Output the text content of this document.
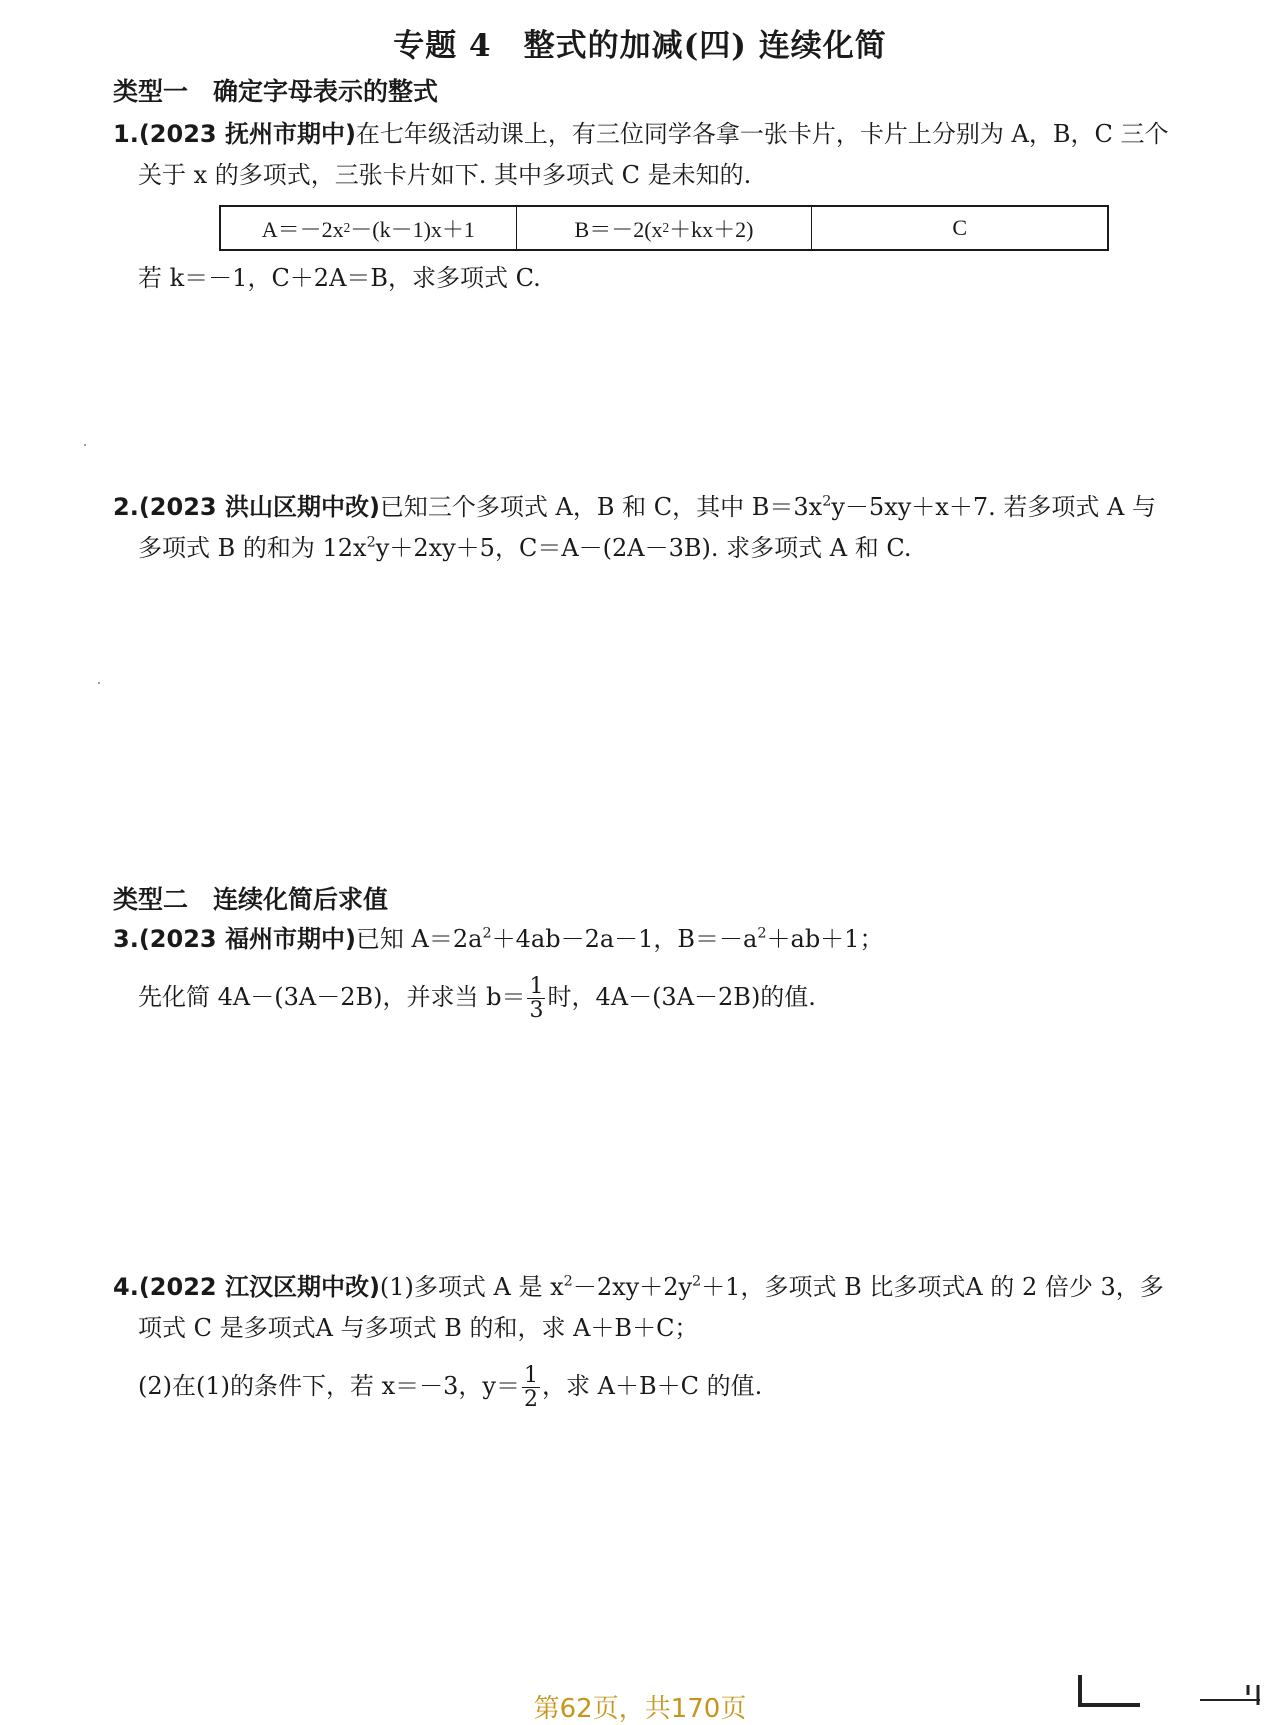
专题 4　整式的加减(四) 连续化简
类型一　确定字母表示的整式
1.(2023 抚州市期中)在七年级活动课上，有三位同学各拿一张卡片，卡片上分别为 A，B，C 三个
关于 x 的多项式，三张卡片如下. 其中多项式 C 是未知的.
A＝－2x 2 －(k－1)x＋1	B＝－2(x 2 ＋kx＋2)	C
若 k＝－1，C＋2A＝B，求多项式 C.
2.(2023 洪山区期中改)已知三个多项式 A，B 和 C，其中 $B=3x^2y-5xy+x+7$. 若多项式 A 与
多项式 B 的和为 $12x^2y+2xy+5$，C＝A－(2A－3B). 求多项式 A 和 C.
类型二　连续化简后求值
3.(2023 福州市期中)已知 $A=2a^2+4ab-2a-1$，$B=-a^2+ab+1$；
先化简 4A－(3A－2B)，并求当 $b= \frac{1}{3}$ 时，4A－(3A－2B)的值.
4.(2022 江汉区期中改)(1)多项式 A 是 $x^2-2xy+2y^2+1$，多项式 B 比多项式A 的 2 倍少 3，多
项式 C 是多项式A 与多项式 B 的和，求 A＋B＋C；
(2)在(1)的条件下，若 x＝－3，$y= \frac{1}{2}$ ，求 A＋B＋C 的值.
第62页，共170页
